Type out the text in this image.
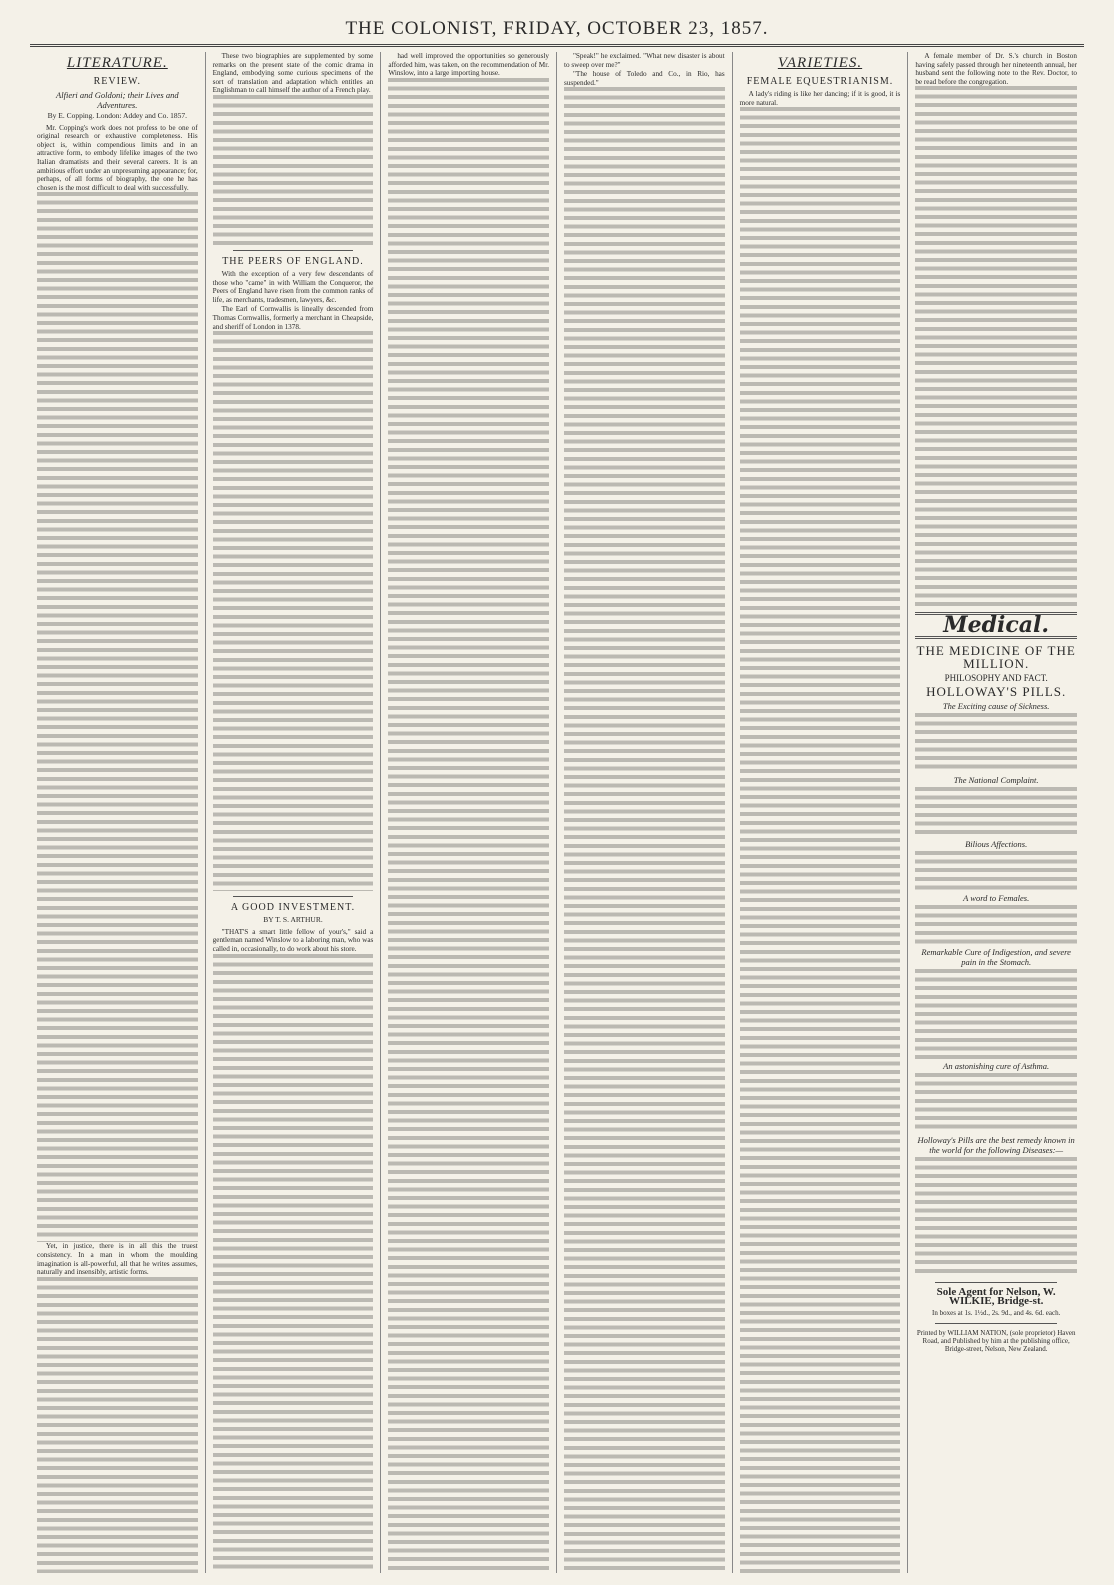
THE COLONIST, FRIDAY, OCTOBER 23, 1857.
LITERATURE.
REVIEW.
Alfieri and Goldoni; their Lives and Adventures.
By E. Copping. London: Addey and Co. 1857.

Mr. Copping's work does not profess to be one of original research or exhaustive completeness. His object is, within compendious limits and in an attractive form, to embody lifelike images of the two Italian dramatists and their several careers. It is an ambitious effort under an unpresuming appearance; for, perhaps, of all forms of biography, the one he has chosen is the most difficult to deal with successfully.

Yet, in justice, there is in all this the truest consistency. In a man in whom the moulding imagination is all-powerful, all that he writes assumes, naturally and insensibly, artistic forms.

These two biographies are supplemented by some remarks on the present state of the comic drama in England, embodying some curious specimens of the sort of translation and adaptation which entitles an Englishman to call himself the author of a French play.

THE PEERS OF ENGLAND.

With the exception of a very few descendants of those who "came" in with William the Conqueror, the Peers of England have risen from the common ranks of life, as merchants, tradesmen, lawyers, &c.

The Earl of Cornwallis is lineally descended from Thomas Cornwallis, formerly a merchant in Cheapside, and sheriff of London in 1378.

A GOOD INVESTMENT.
BY T. S. ARTHUR.

"THAT'S a smart little fellow of your's," said a gentleman named Winslow to a laboring man, who was called in, occasionally, to do work about his store.

had well improved the opportunities so generously afforded him, was taken, on the recommendation of Mr. Winslow, into a large importing house.

"Speak!" he exclaimed. "What new disaster is about to sweep over me?"

"The house of Toledo and Co., in Rio, has suspended."

VARIETIES.
FEMALE EQUESTRIANISM.

A lady's riding is like her dancing; if it is good, it is more natural.

A female member of Dr. S.'s church in Boston having safely passed through her nineteenth annual, her husband sent the following note to the Rev. Doctor, to be read before the congregation.

Medical.
THE MEDICINE OF THE MILLION.
PHILOSOPHY AND FACT.
HOLLOWAY'S PILLS.
The Exciting cause of Sickness.
The National Complaint.
Bilious Affections.
A word to Females.
Remarkable Cure of Indigestion, and severe pain in the Stomach.
An astonishing cure of Asthma.
Holloway's Pills are the best remedy known in the world for the following Diseases:—
Sole Agent for Nelson, W. WILKIE, Bridge-st.
In boxes at 1s. 1½d., 2s. 9d., and 4s. 6d. each.
Printed by WILLIAM NATION, (sole proprietor) Haven Road, and Published by him at the publishing office, Bridge-street, Nelson, New Zealand.
